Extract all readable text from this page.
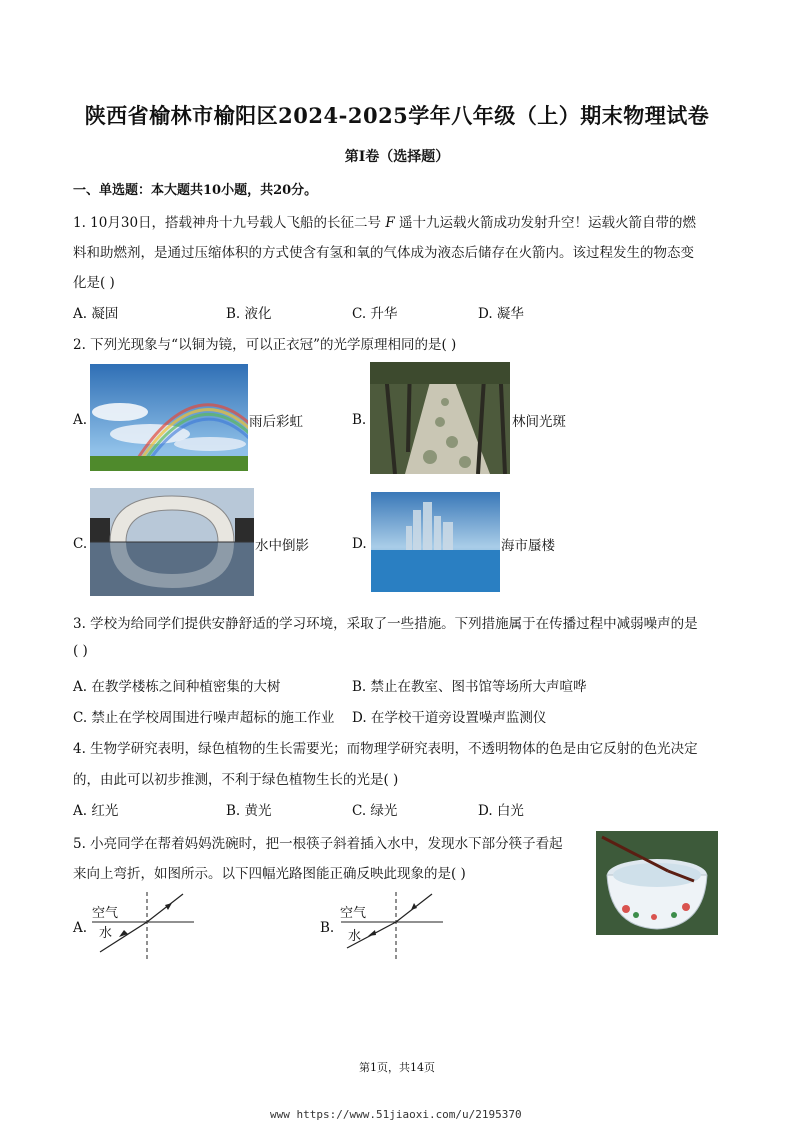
陕西省榆林市榆阳区2024-2025学年八年级（上）期末物理试卷
第Ⅰ卷（选择题）
一、单选题：本大题共10小题，共20分。
1. 10月30日，搭载神舟十九号载人飞船的长征二号 F 遥十九运载火箭成功发射升空！运载火箭自带的燃
料和助燃剂，是通过压缩体积的方式使含有氢和氧的气体成为液态后储存在火箭内。该过程发生的物态变
化是( )
A. 凝固	B. 液化	C. 升华	D. 凝华
2. 下列光现象与“以铜为镜，可以正衣冠”的光学原理相同的是( )
A.	雨后彩虹	B.	林间光斑
C.	水中倒影	D.	海市蜃楼
3. 学校为给同学们提供安静舒适的学习环境，采取了一些措施。下列措施属于在传播过程中减弱噪声的是
( )
A. 在教学楼栋之间种植密集的大树	B. 禁止在教室、图书馆等场所大声喧哗
C. 禁止在学校周围进行噪声超标的施工作业 D. 在学校干道旁设置噪声监测仪
4. 生物学研究表明，绿色植物的生长需要光；而物理学研究表明，不透明物体的色是由它反射的色光决定
的，由此可以初步推测，不利于绿色植物生长的光是( )
A. 红光	B. 黄光	C. 绿光	D. 白光
5. 小亮同学在帮着妈妈洗碗时，把一根筷子斜着插入水中，发现水下部分筷子看起
来向上弯折，如图所示。以下四幅光路图能正确反映此现象的是( )
A.
空气
水	B.
空气
水
第1页，共14页
www https://www.51jiaoxi.com/u/2195370
